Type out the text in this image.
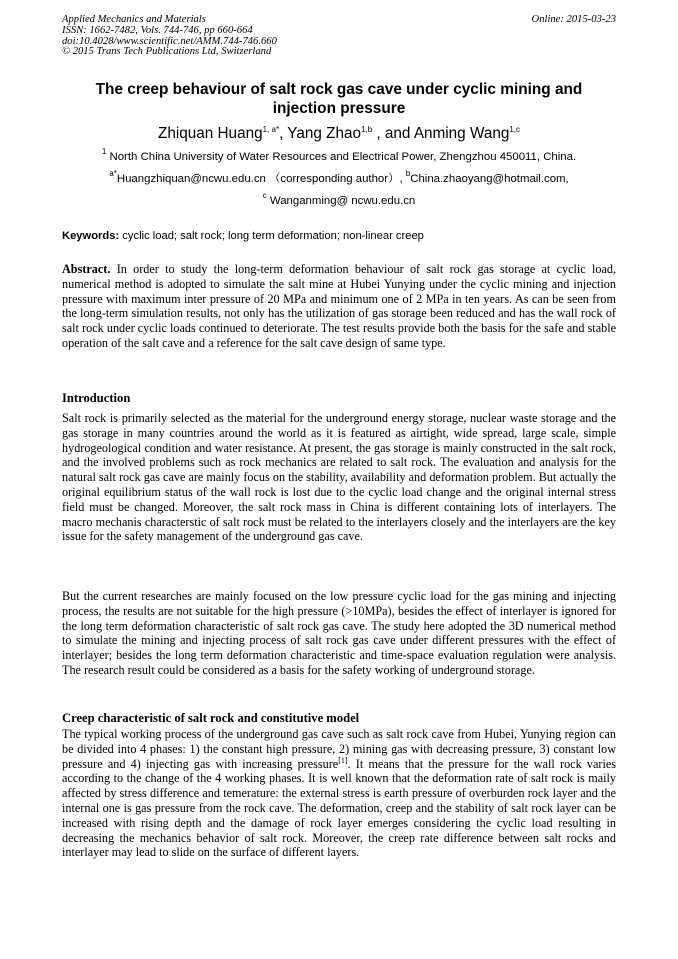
Applied Mechanics and Materials
ISSN: 1662-7482, Vols. 744-746, pp 660-664
doi:10.4028/www.scientific.net/AMM.744-746.660
© 2015 Trans Tech Publications Ltd, Switzerland
Online: 2015-03-23
The creep behaviour of salt rock gas cave under cyclic mining and injection pressure
Zhiquan Huang$^{1, a*}$, Yang Zhao$^{1,b}$ , and Anming Wang$^{1,c}$
$^1$ North China University of Water Resources and Electrical Power, Zhengzhou 450011, China.
$^{a*}$Huangzhiquan@ncwu.edu.cn （corresponding author）, $^b$China.zhaoyang@hotmail.com,
$^c$ Wanganming@ ncwu.edu.cn
Keywords: cyclic load; salt rock; long term deformation; non-linear creep
Abstract. In order to study the long-term deformation behaviour of salt rock gas storage at cyclic load, numerical method is adopted to simulate the salt mine at Hubei Yunying under the cyclic mining and injection pressure with maximum inter pressure of 20 MPa and minimum one of 2 MPa in ten years. As can be seen from the long-term simulation results, not only has the utilization of gas storage been reduced and has the wall rock of salt rock under cyclic loads continued to deteriorate. The test results provide both the basis for the safe and stable operation of the salt cave and a reference for the salt cave design of same type.
Introduction
Salt rock is primarily selected as the material for the underground energy storage, nuclear waste storage and the gas storage in many countries around the world as it is featured as airtight, wide spread, large scale, simple hydrogeological condition and water resistance. At present, the gas storage is mainly constructed in the salt rock, and the involved problems such as rock mechanics are related to salt rock. The evaluation and analysis for the natural salt rock gas cave are mainly focus on the stability, availability and deformation problem. But actually the original equilibrium status of the wall rock is lost due to the cyclic load change and the original internal stress field must be changed. Moreover, the salt rock mass in China is different containing lots of interlayers. The macro mechanis characterstic of salt rock must be related to the interlayers closely and the interlayers are the key issue for the safety management of the underground gas cave.
But the current researches are mainly focused on the low pressure cyclic load for the gas mining and injecting process, the results are not suitable for the high pressure (>10MPa), besides the effect of interlayer is ignored for the long term deformation characteristic of salt rock gas cave. The study here adopted the 3D numerical method to simulate the mining and injecting process of salt rock gas cave under different pressures with the effect of interlayer; besides the long term deformation characteristic and time-space evaluation regulation were analysis. The research result could be considered as a basis for the safety working of underground storage.
Creep characteristic of salt rock and constitutive model
The typical working process of the underground gas cave such as salt rock cave from Hubei, Yunying region can be divided into 4 phases: 1) the constant high pressure, 2) mining gas with decreasing pressure, 3) constant low pressure and 4) injecting gas with increasing pressure[1]. It means that the pressure for the wall rock varies according to the change of the 4 working phases. It is well known that the deformation rate of salt rock is maily affected by stress difference and temerature: the external stress is earth pressure of overburden rock layer and the internal one is gas pressure from the rock cave. The deformation, creep and the stability of salt rock layer can be increased with rising depth and the damage of rock layer emerges considering the cyclic load resulting in decreasing the mechanics behavior of salt rock. Moreover, the creep rate difference between salt rocks and interlayer may lead to slide on the surface of different layers.
